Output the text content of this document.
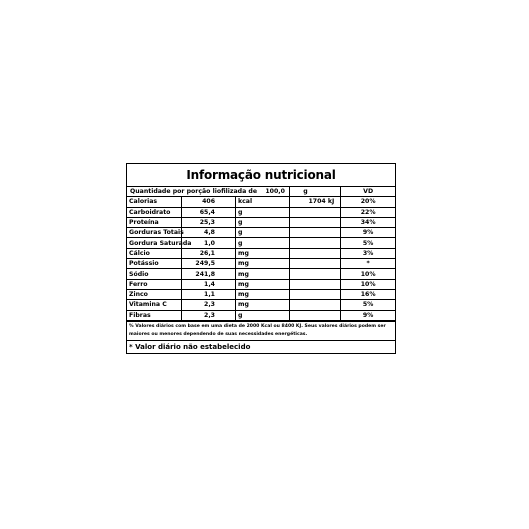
Informação nutricional
Quantidade por porção liofilizada de 100,0 g				VD
Calorias	406	kcal	1704 kJ	20%
Carboidrato	65,4	g		22%
Proteína	25,3	g		34%
Gorduras Totais	4,8	g		9%
Gordura Saturada	1,0	g		5%
Cálcio	26,1	mg		3%
Potássio	249,5	mg		*
Sódio	241,8	mg		10%
Ferro	1,4	mg		10%
Zinco	1,1	mg		16%
Vitamina C	2,3	mg		5%
Fibras	2,3	g		9%
% Valores diários com base em uma dieta de 2000 Kcal ou 8400 KJ. Seus valores diários podem ser maiores ou menores dependendo de suas necessidades energéticas.
* Valor diário não estabelecido
